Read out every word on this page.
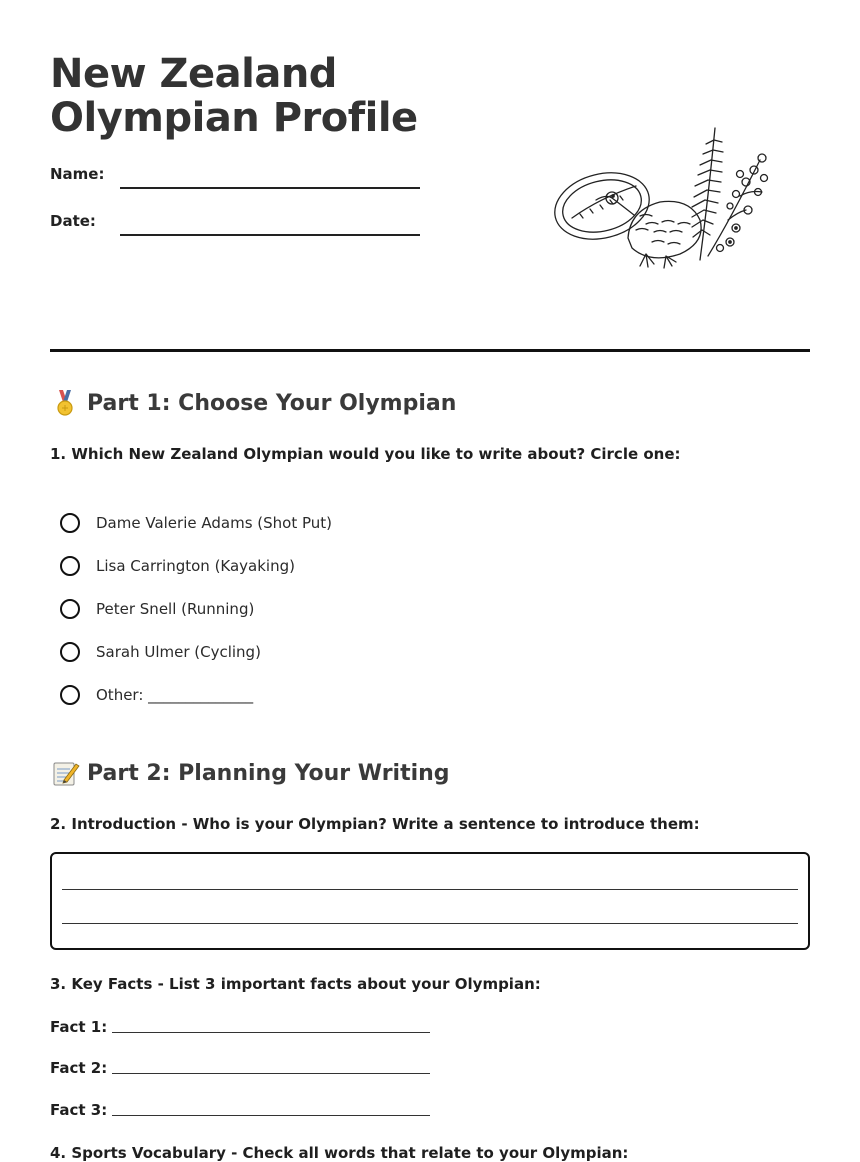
New Zealand Olympian Profile
Name:
Date:
Part 1: Choose Your Olympian

1. Which New Zealand Olympian would you like to write about? Circle one:

Dame Valerie Adams (Shot Put)
Lisa Carrington (Kayaking)
Peter Snell (Running)
Sarah Ulmer (Cycling)
Other: ______________
Part 2: Planning Your Writing

2. Introduction - Who is your Olympian? Write a sentence to introduce them:

3. Key Facts - List 3 important facts about your Olympian:

Fact 1:
Fact 2:
Fact 3:

4. Sports Vocabulary - Check all words that relate to your Olympian:
